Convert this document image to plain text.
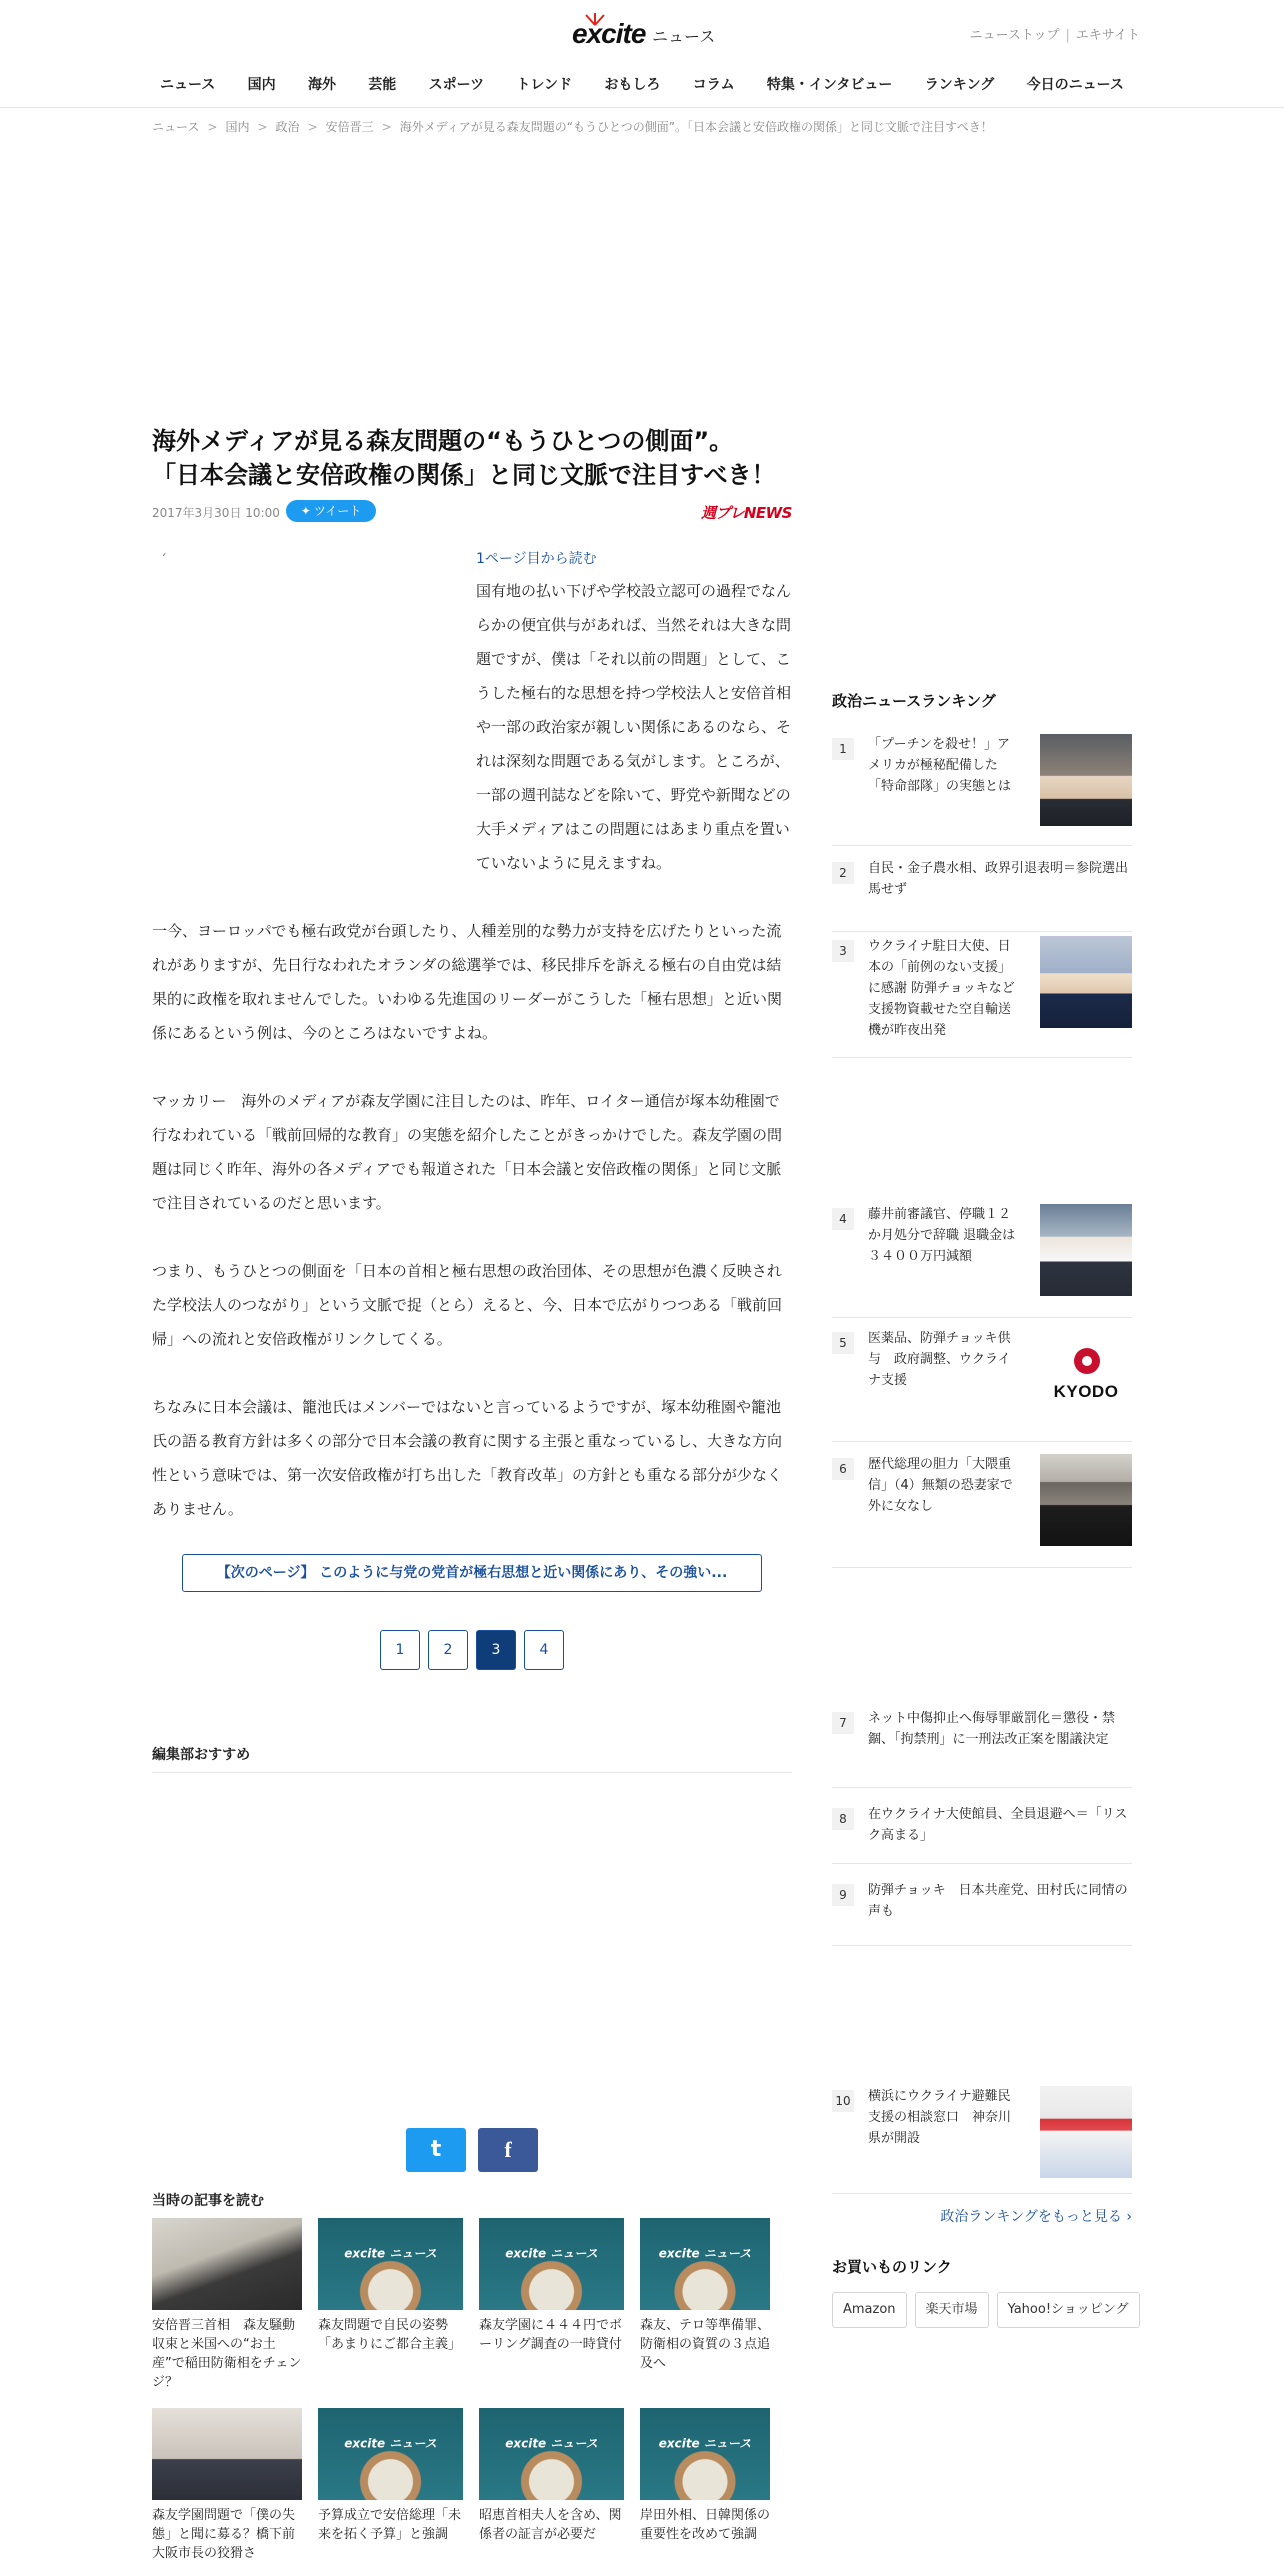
excite ニュース	ニューストップ | エキサイト
ニュース	国内	海外	芸能	スポーツ	トレンド	おもしろ	コラム	特集・インタビュー	ランキング	今日のニュース
ニュース > 国内 > 政治 > 安倍晋三 > 海外メディアが見る森友問題の“もうひとつの側面”。「日本会議と安倍政権の関係」と同じ文脈で注目すべき！
海外メディアが見る森友問題の“もうひとつの側面”。
「日本会議と安倍政権の関係」と同じ文脈で注目すべき！
2017年3月30日 10:00	✦ ツイート	週プレNEWS
´	1ページ目から読む

国有地の払い下げや学校設立認可の過程でなんらかの便宜供与があれば、当然それは大きな問題ですが、僕は「それ以前の問題」として、こうした極右的な思想を持つ学校法人と安倍首相や一部の政治家が親しい関係にあるのなら、それは深刻な問題である気がします。ところが、一部の週刊誌などを除いて、野党や新聞などの大手メディアはこの問題にはあまり重点を置いていないように見えますね。

一今、ヨーロッパでも極右政党が台頭したり、人種差別的な勢力が支持を広げたりといった流れがありますが、先日行なわれたオランダの総選挙では、移民排斥を訴える極右の自由党は結果的に政権を取れませんでした。いわゆる先進国のリーダーがこうした「極右思想」と近い関係にあるという例は、今のところはないですよね。

マッカリー　海外のメディアが森友学園に注目したのは、昨年、ロイター通信が塚本幼稚園で行なわれている「戦前回帰的な教育」の実態を紹介したことがきっかけでした。森友学園の問題は同じく昨年、海外の各メディアでも報道された「日本会議と安倍政権の関係」と同じ文脈で注目されているのだと思います。

つまり、もうひとつの側面を「日本の首相と極右思想の政治団体、その思想が色濃く反映された学校法人のつながり」という文脈で捉（とら）えると、今、日本で広がりつつある「戦前回帰」への流れと安倍政権がリンクしてくる。

ちなみに日本会議は、籠池氏はメンバーではないと言っているようですが、塚本幼稚園や籠池氏の語る教育方針は多くの部分で日本会議の教育に関する主張と重なっているし、大きな方向性という意味では、第一次安倍政権が打ち出した「教育改革」の方針とも重なる部分が少なくありません。

【次のページ】 このように与党の党首が極右思想と近い関係にあり、その強い...
1	2	3	4
編集部おすすめ
t	f
当時の記事を読む
安倍晋三首相　森友騒動収束と米国への“お土産”で稲田防衛相をチェンジ？
excite ニュース
森友問題で自民の姿勢「あまりにご都合主義」
excite ニュース
森友学園に４４４円でボーリング調査の一時貸付
excite ニュース
森友、テロ等準備罪、防衛相の資質の３点追及へ
森友学園問題で「僕の失態」と聞に募る？橋下前大阪市長の狡猾さ
excite ニュース
予算成立で安倍総理「未来を拓く予算」と強調
excite ニュース
昭恵首相夫人を含め、関係者の証言が必要だ
excite ニュース
岸田外相、日韓関係の重要性を改めて強調
政治ニュースランキング
1	「プーチンを殺せ！」アメリカが極秘配備した「特命部隊」の実態とは
2	自民・金子農水相、政界引退表明＝参院選出馬せず
3	ウクライナ駐日大使、日本の「前例のない支援」に感謝 防弾チョッキなど支援物資載せた空自輸送機が昨夜出発
4	藤井前審議官、停職１２か月処分で辞職 退職金は３４００万円減額
5	医薬品、防弾チョッキ供与　政府調整、ウクライナ支援
KYODO
6	歴代総理の胆力「大隈重信」（4）無類の恐妻家で外に女なし
7	ネット中傷抑止へ侮辱罪厳罰化＝懲役・禁錮、「拘禁刑」に一刑法改正案を閣議決定
8	在ウクライナ大使館員、全員退避へ＝「リスク高まる」
9	防弾チョッキ　日本共産党、田村氏に同情の声も
10 横浜にウクライナ避難民支援の相談窓口　神奈川県が開設
政治ランキングをもっと見る ›
お買いものリンク
Amazon	楽天市場	Yahoo!ショッピング
